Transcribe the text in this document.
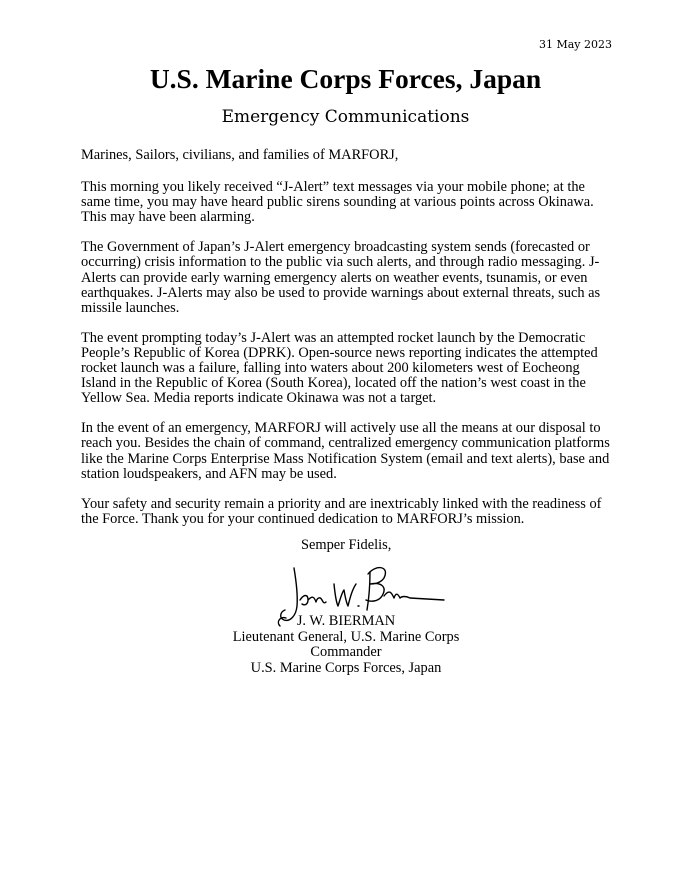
31 May 2023
U.S. Marine Corps Forces, Japan
Emergency Communications

Marines, Sailors, civilians, and families of MARFORJ,

This morning you likely received “J-Alert” text messages via your mobile phone; at the same time, you may have heard public sirens sounding at various points across Okinawa. This may have been alarming.

The Government of Japan’s J-Alert emergency broadcasting system sends (forecasted or occurring) crisis information to the public via such alerts, and through radio messaging. J-Alerts can provide early warning emergency alerts on weather events, tsunamis, or even earthquakes. J-Alerts may also be used to provide warnings about external threats, such as missile launches.

The event prompting today’s J-Alert was an attempted rocket launch by the Democratic People’s Republic of Korea (DPRK). Open-source news reporting indicates the attempted rocket launch was a failure, falling into waters about 200 kilometers west of Eocheong Island in the Republic of Korea (South Korea), located off the nation’s west coast in the Yellow Sea. Media reports indicate Okinawa was not a target.

In the event of an emergency, MARFORJ will actively use all the means at our disposal to reach you. Besides the chain of command, centralized emergency communication platforms like the Marine Corps Enterprise Mass Notification System (email and text alerts), base and station loudspeakers, and AFN may be used.

Your safety and security remain a priority and are inextricably linked with the readiness of the Force. Thank you for your continued dedication to MARFORJ’s mission.

Semper Fidelis,
J. W. BIERMAN
Lieutenant General, U.S. Marine Corps
Commander
U.S. Marine Corps Forces, Japan
